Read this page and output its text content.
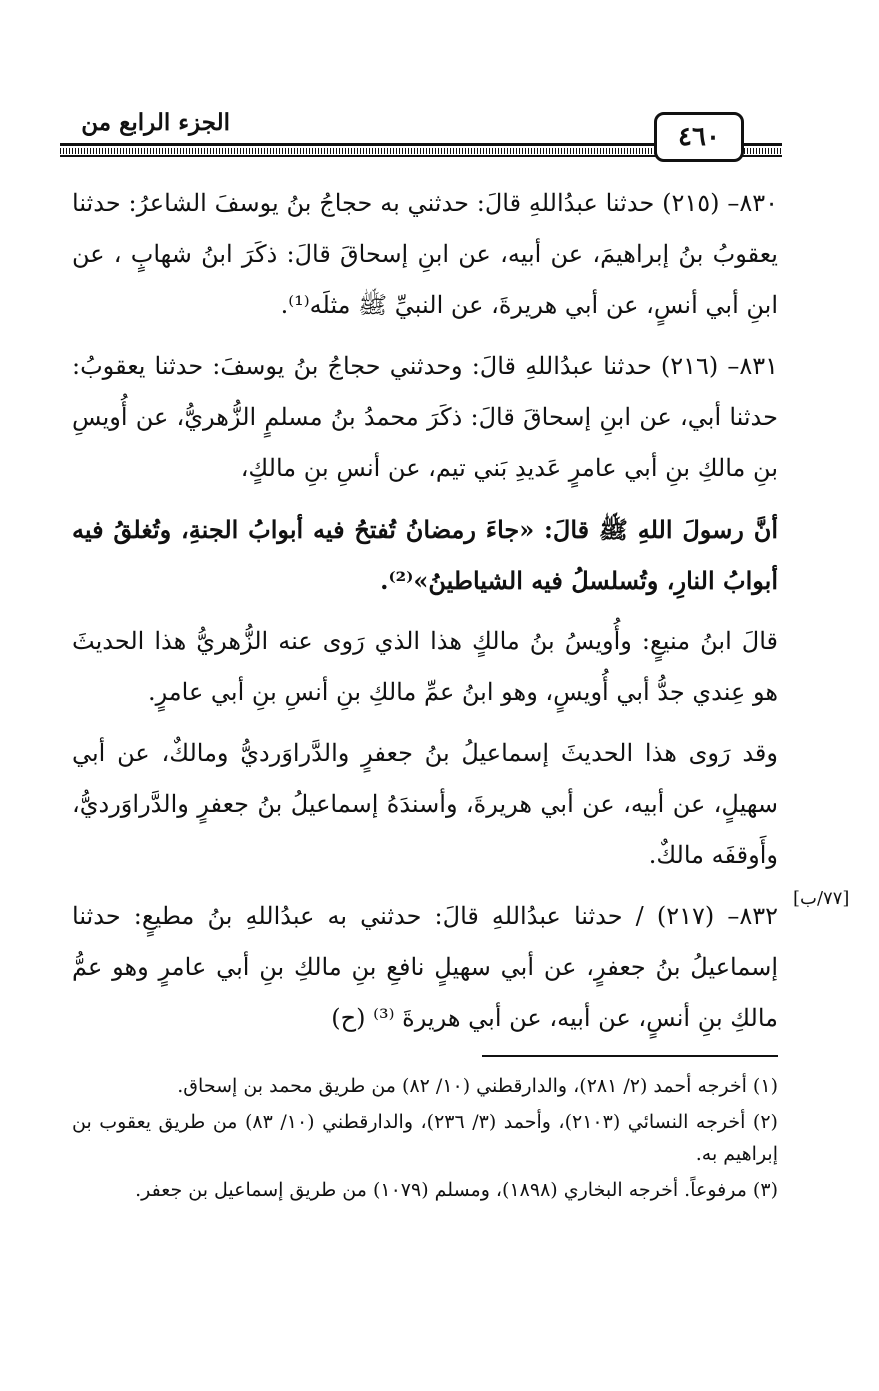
الجزء الرابع من	٤٦٠

٨٣٠– (٢١٥) حدثنا عبدُاللهِ قالَ: حدثني به حجاجُ بنُ يوسفَ الشاعرُ: حدثنا يعقوبُ بنُ إبراهيمَ، عن أبيه، عن ابنِ إسحاقَ قالَ: ذكَرَ ابنُ شهابٍ ، عن ابنِ أبي أنسٍ، عن أبي هريرةَ، عن النبيِّ ﷺ مثلَه⁽¹⁾.

٨٣١– (٢١٦) حدثنا عبدُاللهِ قالَ: وحدثني حجاجُ بنُ يوسفَ: حدثنا يعقوبُ: حدثنا أبي، عن ابنِ إسحاقَ قالَ: ذكَرَ محمدُ بنُ مسلمٍ الزُّهريُّ، عن أُويسِ بنِ مالكِ بنِ أبي عامرٍ عَديدِ بَني تيم، عن أنسِ بنِ مالكٍ،

أنَّ رسولَ اللهِ ﷺ قالَ: «جاءَ رمضانُ تُفتحُ فيه أبوابُ الجنةِ، وتُغلقُ فيه أبوابُ النارِ، وتُسلسلُ فيه الشياطينُ»⁽²⁾.

قالَ ابنُ منيعٍ: وأُويسُ بنُ مالكٍ هذا الذي رَوى عنه الزُّهريُّ هذا الحديثَ هو عِندي جدُّ أبي أُويسٍ، وهو ابنُ عمِّ مالكِ بنِ أنسِ بنِ أبي عامرٍ.

وقد رَوى هذا الحديثَ إسماعيلُ بنُ جعفرٍ والدَّراوَرديُّ ومالكٌ، عن أبي سهيلٍ، عن أبيه، عن أبي هريرةَ، وأسندَهُ إسماعيلُ بنُ جعفرٍ والدَّراوَرديُّ، وأَوقفَه مالكٌ.

٨٣٢– (٢١٧) / حدثنا عبدُاللهِ قالَ: حدثني به عبدُاللهِ بنُ مطيعٍ: حدثنا إسماعيلُ بنُ جعفرٍ، عن أبي سهيلٍ نافعِ بنِ مالكِ بنِ أبي عامرٍ وهو عمُّ مالكِ بنِ أنسٍ، عن أبيه، عن أبي هريرةَ ⁽³⁾ (ح)

[٧٧/ب]

(١) أخرجه أحمد (٢/ ٢٨١)، والدارقطني (١٠/ ٨٢) من طريق محمد بن إسحاق.

(٢) أخرجه النسائي (٢١٠٣)، وأحمد (٣/ ٢٣٦)، والدارقطني (١٠/ ٨٣) من طريق يعقوب بن إبراهيم به.

(٣) مرفوعاً. أخرجه البخاري (١٨٩٨)، ومسلم (١٠٧٩) من طريق إسماعيل بن جعفر.
